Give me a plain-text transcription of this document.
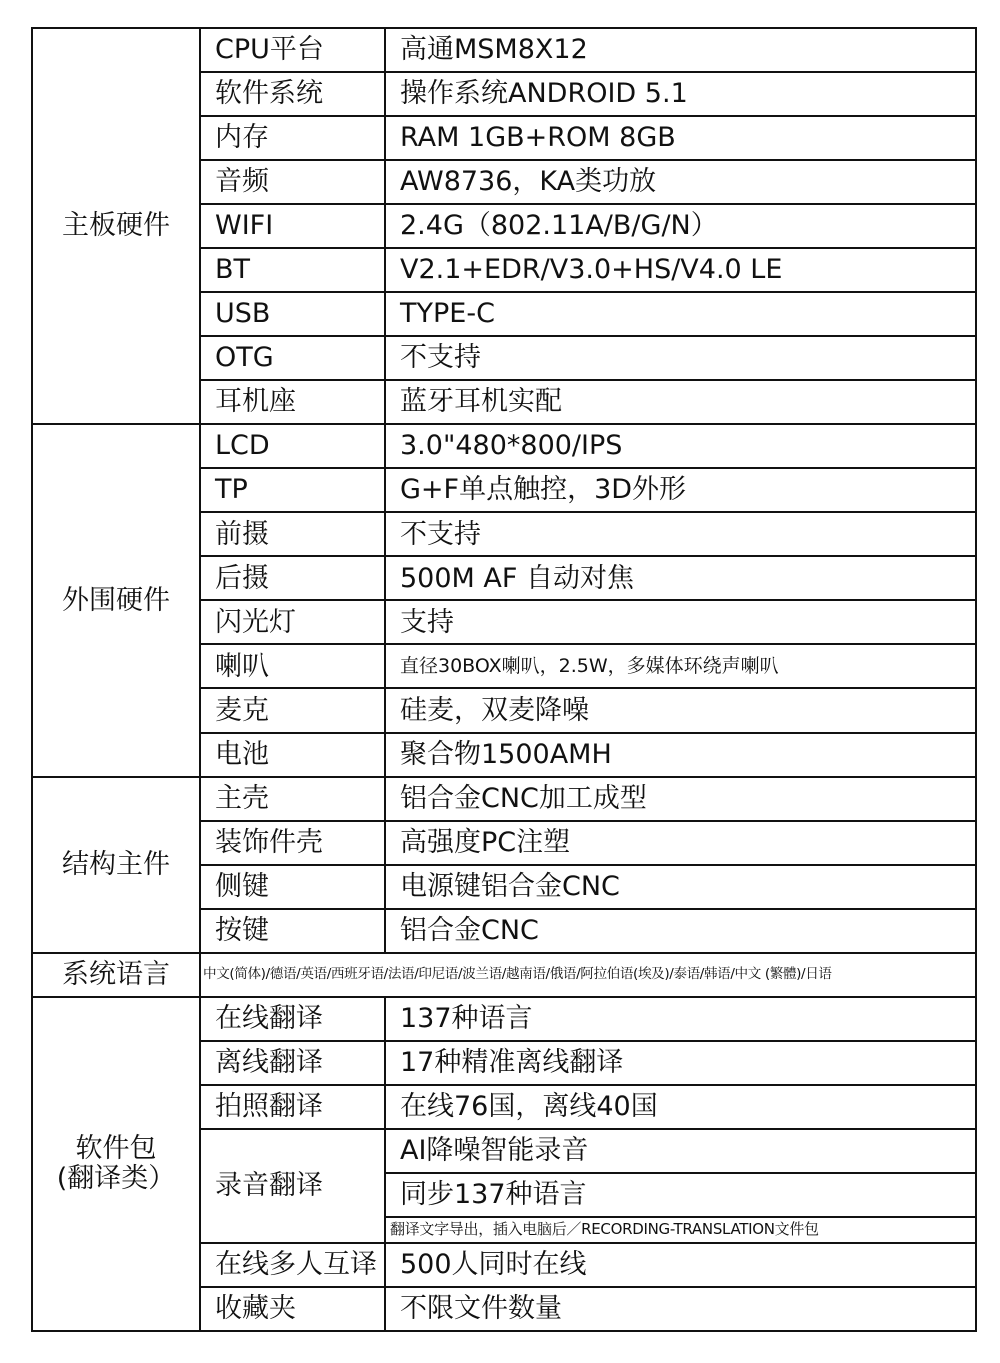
主板硬件	CPU平台	高通MSM8X12
	软件系统	操作系统ANDROID 5.1
	内存	RAM 1GB+ROM 8GB
	音频	AW8736，KA类功放
	WIFI	2.4G（802.11A/B/G/N）
	BT	V2.1+EDR/V3.0+HS/V4.0 LE
	USB	TYPE-C
	OTG	不支持
	耳机座	蓝牙耳机实配
外围硬件	LCD	3.0"480*800/IPS
	TP	G+F单点触控，3D外形
	前摄	不支持
	后摄	500M AF 自动对焦
	闪光灯	支持
	喇叭	直径30BOX喇叭，2.5W，多媒体环绕声喇叭
	麦克	硅麦，双麦降噪
	电池	聚合物1500AMH
结构主件	主壳	铝合金CNC加工成型
	装饰件壳	高强度PC注塑
	侧键	电源键铝合金CNC
	按键	铝合金CNC
系统语言	中文(简体)/德语/英语/西班牙语/法语/印尼语/波兰语/越南语/俄语/阿拉伯语(埃及)/泰语/韩语/中文 (繁體)/日语	

软件包
(翻译类）	在线翻译	137种语言
	离线翻译	17种精准离线翻译
	拍照翻译	在线76国，离线40国
	录音翻译	AI降噪智能录音
		同步137种语言
		翻译文字导出，插入电脑后／RECORDING-TRANSLATION文件包
	在线多人互译	500人同时在线
	收藏夹	不限文件数量
